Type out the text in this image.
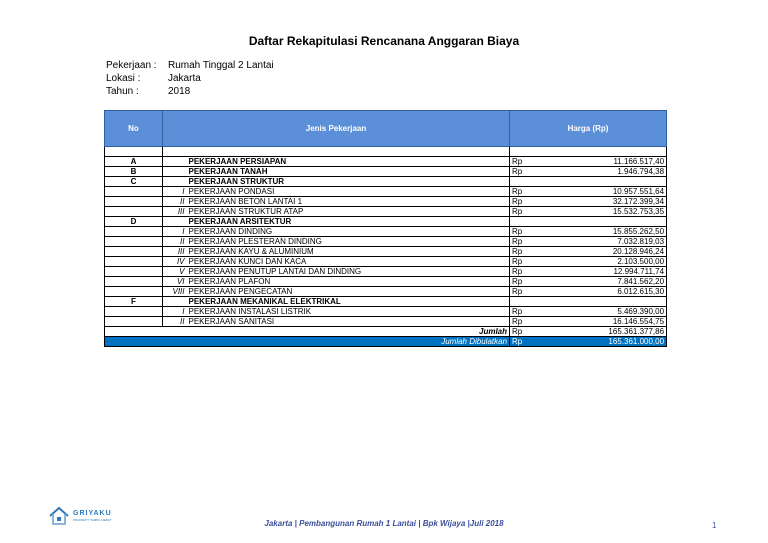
Daftar Rekapitulasi Rencanana Anggaran Biaya
Pekerjaan :	Rumah Tinggal 2 Lantai
Lokasi :	Jakarta
Tahun :	2018
No	Jenis Pekerjaan		Harga (Rp)	

A		PEKERJAAN PERSIAPAN	Rp	11.166.517,40
B		PEKERJAAN TANAH	Rp	1.946.794,38
C		PEKERJAAN STRUKTUR		
	I	PEKERJAAN PONDASI	Rp	10.957.551,64
	II	PEKERJAAN BETON LANTAI 1	Rp	32.172.399,34
	III	PEKERJAAN STRUKTUR ATAP	Rp	15.532.753,35
D		PEKERJAAN ARSITEKTUR		
	I	PEKERJAAN DINDING	Rp	15.855.262,50
	II	PEKERJAAN PLESTERAN DINDING	Rp	7.032.819,03
	III	PEKERJAAN KAYU & ALUMINIUM	Rp	20.128.946,24
	IV	PEKERJAAN KUNCI DAN KACA	Rp	2.103.500,00
	V	PEKERJAAN PENUTUP LANTAI DAN DINDING	Rp	12.994.711,74
	VI	PEKERJAAN PLAFON	Rp	7.841.562,20
	VIII	PEKERJAAN PENGECATAN	Rp	6.012.615,30
F		PEKERJAAN MEKANIKAL ELEKTRIKAL		
	I	PEKERJAAN INSTALASI LISTRIK	Rp	5.469.390,00
	II	PEKERJAAN SANITASI	Rp	16.146.554,75
Jumlah			Rp	165.361.377,86
Jumlah Dibulatkan			Rp	165.361.000,00
GRIYAKU
PROPERTY TAMPIL HEBAT	Jakarta | Pembangunan Rumah 1 Lantai | Bpk Wijaya |Juli 2018	1
